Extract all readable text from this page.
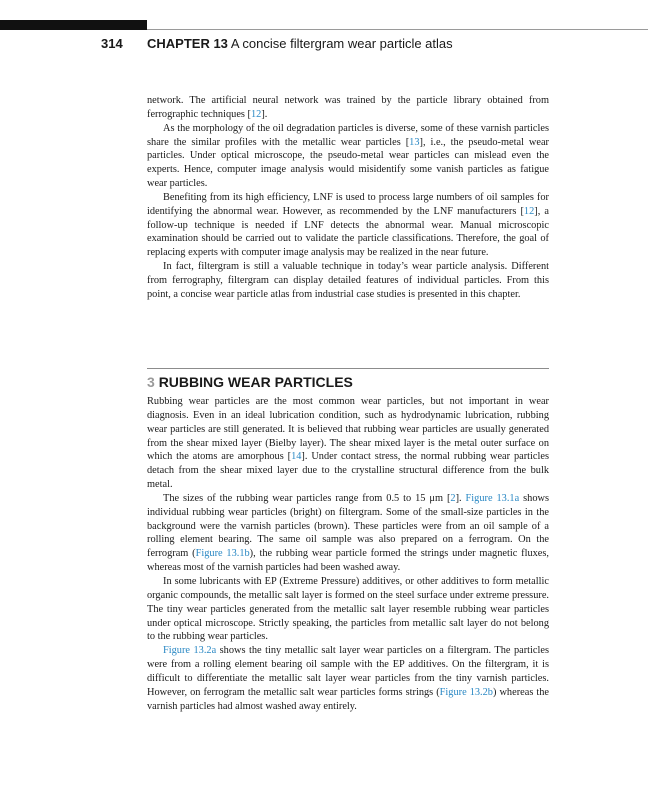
314 CHAPTER 13 A concise filtergram wear particle atlas

network. The artificial neural network was trained by the particle library obtained from ferrographic techniques [12].

As the morphology of the oil degradation particles is diverse, some of these varnish particles share the similar profiles with the metallic wear particles [13], i.e., the pseudo-metal wear particles. Under optical microscope, the pseudo-metal wear particles can mislead even the experts. Hence, computer image analysis would misidentify some vanish particles as fatigue wear particles.

Benefiting from its high efficiency, LNF is used to process large numbers of oil samples for identifying the abnormal wear. However, as recommended by the LNF manufacturers [12], a follow-up technique is needed if LNF detects the abnormal wear. Manual microscopic examination should be carried out to validate the particle classifications. Therefore, the goal of replacing experts with computer image analysis may be realized in the near future.

In fact, filtergram is still a valuable technique in today’s wear particle analysis. Different from ferrography, filtergram can display detailed features of individual particles. From this point, a concise wear particle atlas from industrial case studies is presented in this chapter.

3 RUBBING WEAR PARTICLES

Rubbing wear particles are the most common wear particles, but not important in wear diagnosis. Even in an ideal lubrication condition, such as hydrodynamic lubrication, rubbing wear particles are still generated. It is believed that rubbing wear particles are usually generated from the shear mixed layer (Bielby layer). The shear mixed layer is the metal outer surface on which the atoms are amorphous [14]. Under contact stress, the normal rubbing wear particles detach from the shear mixed layer due to the crystalline structural difference from the bulk metal.

The sizes of the rubbing wear particles range from 0.5 to 15 μm [2]. Figure 13.1a shows individual rubbing wear particles (bright) on filtergram. Some of the small-size particles in the background were the varnish particles (brown). These particles were from an oil sample of a rolling element bearing. The same oil sample was also prepared on a ferrogram. On the ferrogram (Figure 13.1b), the rubbing wear particle formed the strings under magnetic fluxes, whereas most of the varnish particles had been washed away.

In some lubricants with EP (Extreme Pressure) additives, or other additives to form metallic organic compounds, the metallic salt layer is formed on the steel surface under extreme pressure. The tiny wear particles generated from the metallic salt layer resemble rubbing wear particles under optical microscope. Strictly speaking, the particles from metallic salt layer do not belong to the rubbing wear particles.

Figure 13.2a shows the tiny metallic salt layer wear particles on a filtergram. The particles were from a rolling element bearing oil sample with the EP additives. On the filtergram, it is difficult to differentiate the metallic salt layer wear particles from the tiny varnish particles. However, on ferrogram the metallic salt wear particles forms strings (Figure 13.2b) whereas the varnish particles had almost washed away entirely.
